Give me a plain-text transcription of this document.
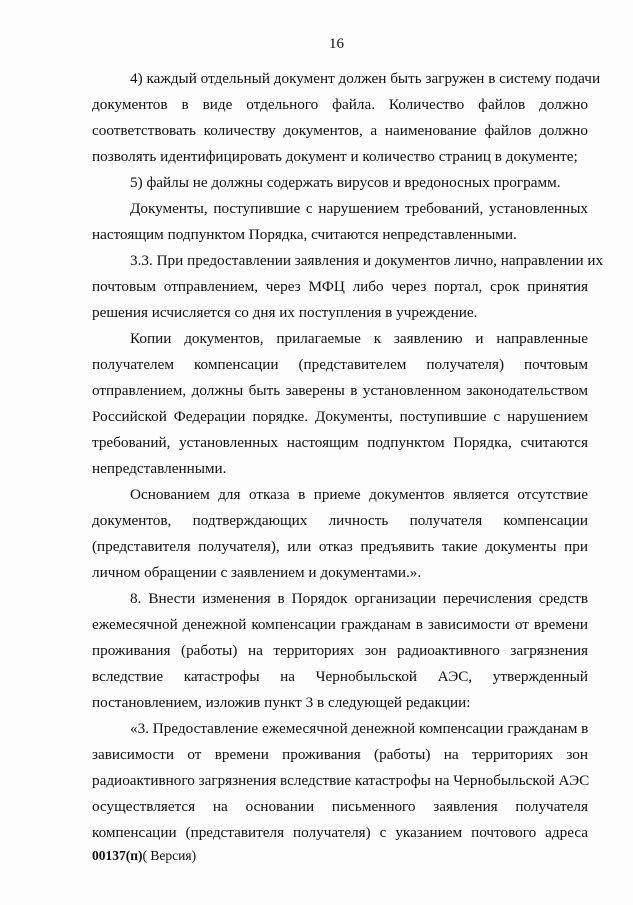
16

4) каждый отдельный документ должен быть загружен в систему подачи
документов в виде отдельного файла. Количество файлов должно
соответствовать количеству документов, а наименование файлов должно
позволять идентифицировать документ и количество страниц в документе;

5) файлы не должны содержать вирусов и вредоносных программ.

Документы, поступившие с нарушением требований, установленных
настоящим подпунктом Порядка, считаются непредставленными.

3.3. При предоставлении заявления и документов лично, направлении их
почтовым отправлением, через МФЦ либо через портал, срок принятия
решения исчисляется со дня их поступления в учреждение.

Копии документов, прилагаемые к заявлению и направленные
получателем компенсации (представителем получателя) почтовым
отправлением, должны быть заверены в установленном законодательством
Российской Федерации порядке. Документы, поступившие с нарушением
требований, установленных настоящим подпунктом Порядка, считаются
непредставленными.

Основанием для отказа в приеме документов является отсутствие
документов, подтверждающих личность получателя компенсации
(представителя получателя), или отказ предъявить такие документы при
личном обращении с заявлением и документами.».

8. Внести изменения в Порядок организации перечисления средств
ежемесячной денежной компенсации гражданам в зависимости от времени
проживания (работы) на территориях зон радиоактивного загрязнения
вследствие катастрофы на Чернобыльской АЭС, утвержденный
постановлением, изложив пункт 3 в следующей редакции:

«3. Предоставление ежемесячной денежной компенсации гражданам в
зависимости от времени проживания (работы) на территориях зон
радиоактивного загрязнения вследствие катастрофы на Чернобыльской АЭС
осуществляется на основании письменного заявления получателя
компенсации (представителя получателя) с указанием почтового адреса

00137(п)( Версия)
